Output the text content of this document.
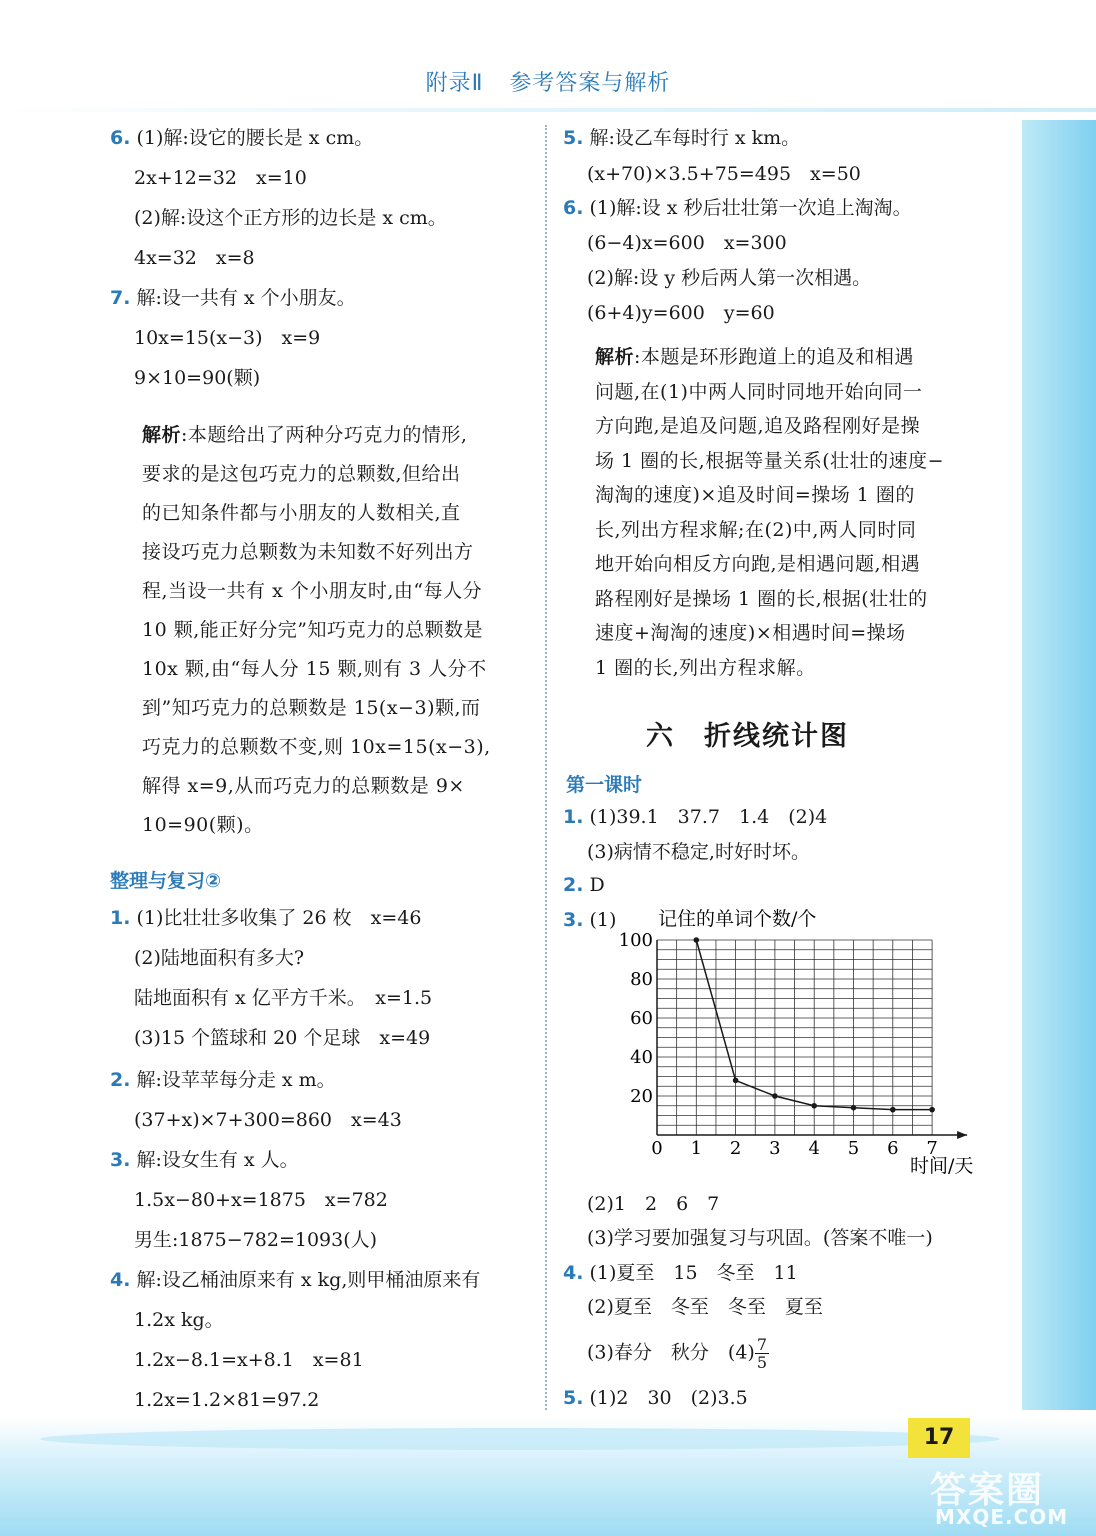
附录Ⅱ 参考答案与解析
6. (1)解:设它的腰长是 x cm。
2x+12=32　x=10
(2)解:设这个正方形的边长是 x cm。
4x=32　x=8
7. 解:设一共有 x 个小朋友。
10x=15(x−3)　x=9
9×10=90(颗)
解析:本题给出了两种分巧克力的情形,
要求的是这包巧克力的总颗数,但给出
的已知条件都与小朋友的人数相关,直
接设巧克力总颗数为未知数不好列出方
程,当设一共有 x 个小朋友时,由“每人分
10 颗,能正好分完”知巧克力的总颗数是
10x 颗,由“每人分 15 颗,则有 3 人分不
到”知巧克力的总颗数是 15(x−3)颗,而
巧克力的总颗数不变,则 10x=15(x−3),
解得 x=9,从而巧克力的总颗数是 9×
10=90(颗)。
整理与复习②
1. (1)比壮壮多收集了 26 枚　x=46
(2)陆地面积有多大?
陆地面积有 x 亿平方千米。　x=1.5
(3)15 个篮球和 20 个足球　x=49
2. 解:设苹苹每分走 x m。
(37+x)×7+300=860　x=43
3. 解:设女生有 x 人。
1.5x−80+x=1875　x=782
男生:1875−782=1093(人)
4. 解:设乙桶油原来有 x kg,则甲桶油原来有
1.2x kg。
1.2x−8.1=x+8.1　x=81
1.2x=1.2×81=97.2
5. 解:设乙车每时行 x km。
(x+70)×3.5+75=495　x=50
6. (1)解:设 x 秒后壮壮第一次追上淘淘。
(6−4)x=600　x=300
(2)解:设 y 秒后两人第一次相遇。
(6+4)y=600　y=60
解析:本题是环形跑道上的追及和相遇
问题,在(1)中两人同时同地开始向同一
方向跑,是追及问题,追及路程刚好是操
场 1 圈的长,根据等量关系(壮壮的速度−
淘淘的速度)×追及时间=操场 1 圈的
长,列出方程求解;在(2)中,两人同时同
地开始向相反方向跑,是相遇问题,相遇
路程刚好是操场 1 圈的长,根据(壮壮的
速度+淘淘的速度)×相遇时间=操场
1 圈的长,列出方程求解。
六　折线统计图
第一课时
1. (1)39.1　37.7　1.4　(2)4
(3)病情不稳定,时好时坏。
2. D
3. (1)
0 1 2 3 4 5 6 7
20
40
60
80
100
记住的单词个数/个
时间/天
(2)1　2　6　7
(3)学习要加强复习与巩固。(答案不唯一)
4. (1)夏至　15　冬至　11
(2)夏至　冬至　冬至　夏至
(3)春分　秋分　$(4) \frac{7}{5}$
5. (1)2　30　(2)3.5
17
答案圈
MXQE.COM
